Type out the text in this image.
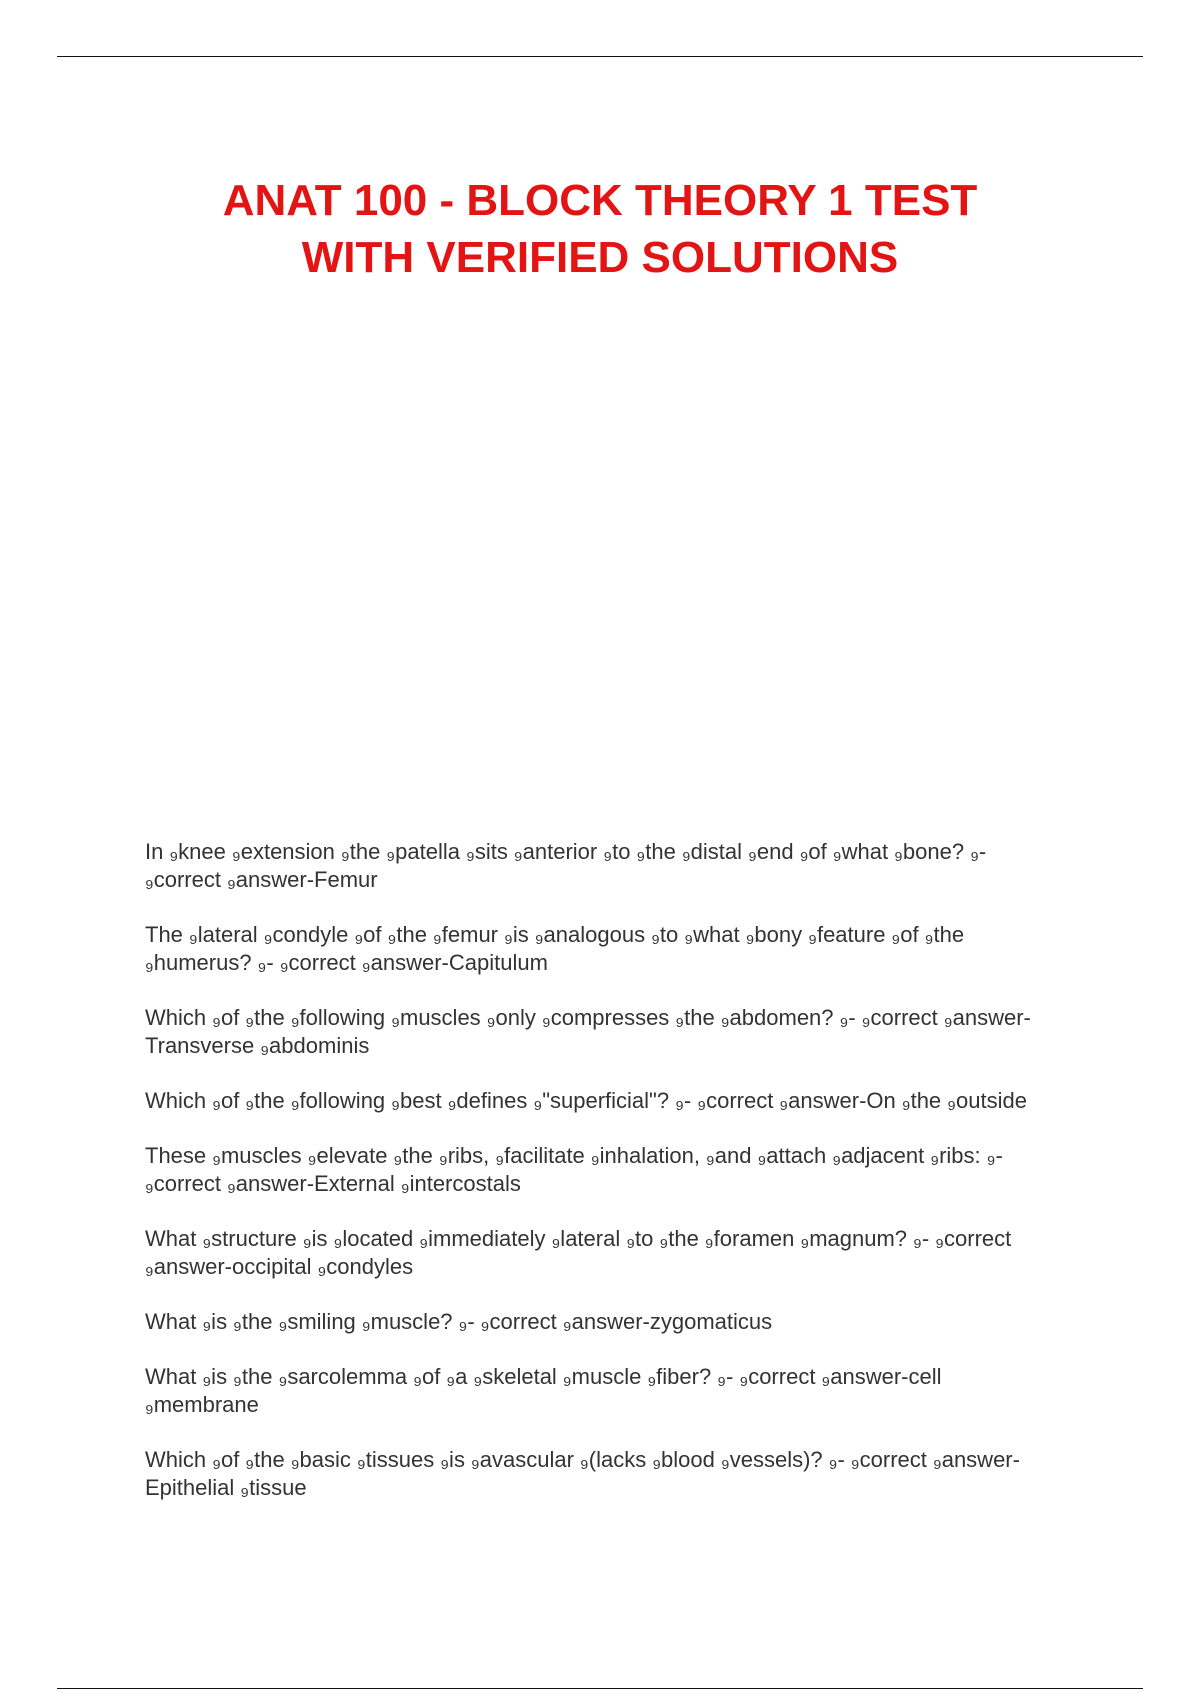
ANAT 100 - BLOCK THEORY 1 TEST
WITH VERIFIED SOLUTIONS
In ₉knee ₉extension ₉the ₉patella ₉sits ₉anterior ₉to ₉the ₉distal ₉end ₉of ₉what ₉bone? ₉- ₉correct ₉answer-Femur
The ₉lateral ₉condyle ₉of ₉the ₉femur ₉is ₉analogous ₉to ₉what ₉bony ₉feature ₉of ₉the ₉humerus? ₉- ₉correct ₉answer-Capitulum
Which ₉of ₉the ₉following ₉muscles ₉only ₉compresses ₉the ₉abdomen? ₉- ₉correct ₉answer-Transverse ₉abdominis
Which ₉of ₉the ₉following ₉best ₉defines ₉"superficial"? ₉- ₉correct ₉answer-On ₉the ₉outside
These ₉muscles ₉elevate ₉the ₉ribs, ₉facilitate ₉inhalation, ₉and ₉attach ₉adjacent ₉ribs: ₉- ₉correct ₉answer-External ₉intercostals
What ₉structure ₉is ₉located ₉immediately ₉lateral ₉to ₉the ₉foramen ₉magnum? ₉- ₉correct ₉answer-occipital ₉condyles
What ₉is ₉the ₉smiling ₉muscle? ₉- ₉correct ₉answer-zygomaticus
What ₉is ₉the ₉sarcolemma ₉of ₉a ₉skeletal ₉muscle ₉fiber? ₉- ₉correct ₉answer-cell ₉membrane
Which ₉of ₉the ₉basic ₉tissues ₉is ₉avascular ₉(lacks ₉blood ₉vessels)? ₉- ₉correct ₉answer-Epithelial ₉tissue
